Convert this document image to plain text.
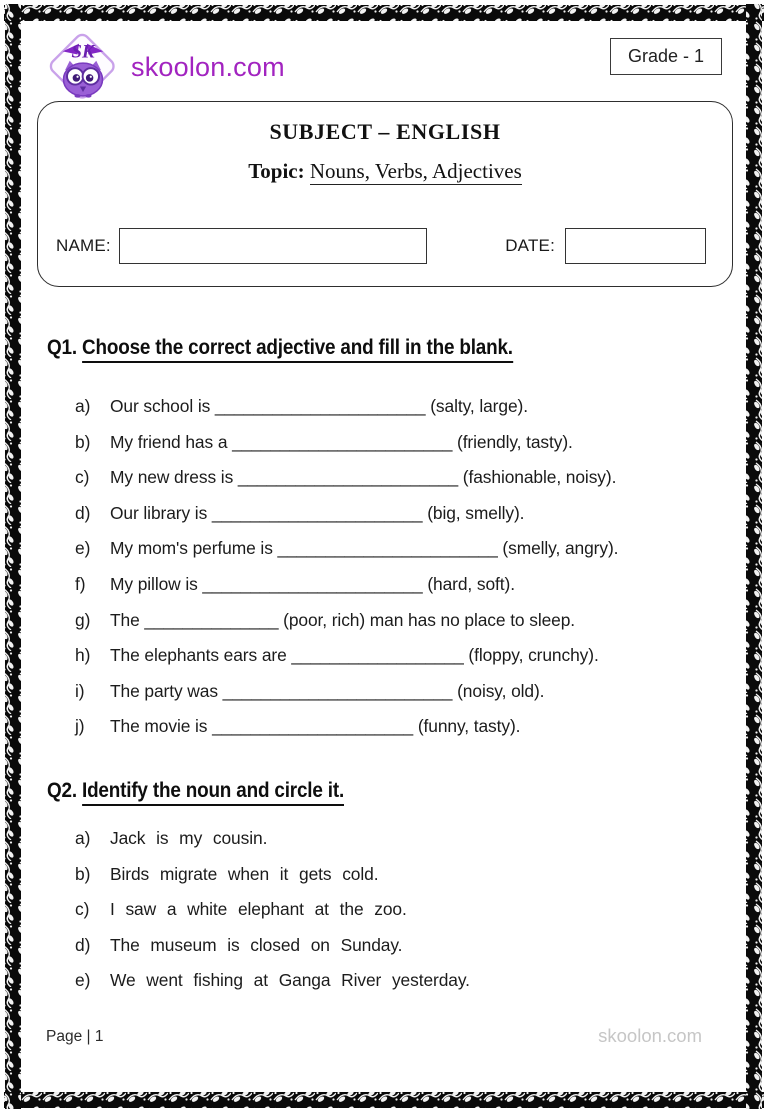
SK skoolon.com	Grade - 1
SUBJECT – ENGLISH
Topic: Nouns, Verbs, Adjectives
NAME:	DATE:
Q1. Choose the correct adjective and fill in the blank.
a)	Our school is ______________________ (salty, large).
b)	My friend has a _______________________ (friendly, tasty).
c)	My new dress is _______________________ (fashionable, noisy).
d)	Our library is ______________________ (big, smelly).
e)	My mom's perfume is _______________________ (smelly, angry).
f)	My pillow is _______________________ (hard, soft).
g)	The ______________ (poor, rich) man has no place to sleep.
h)	The elephants ears are __________________ (floppy, crunchy).
i)	The party was ________________________ (noisy, old).
j)	The movie is _____________________ (funny, tasty).
Q2. Identify the noun and circle it.
a)	Jack is my cousin.
b)	Birds migrate when it gets cold.
c)	I saw a white elephant at the zoo.
d)	The museum is closed on Sunday.
e)	We went fishing at Ganga River yesterday.
Page | 1	skoolon.com
